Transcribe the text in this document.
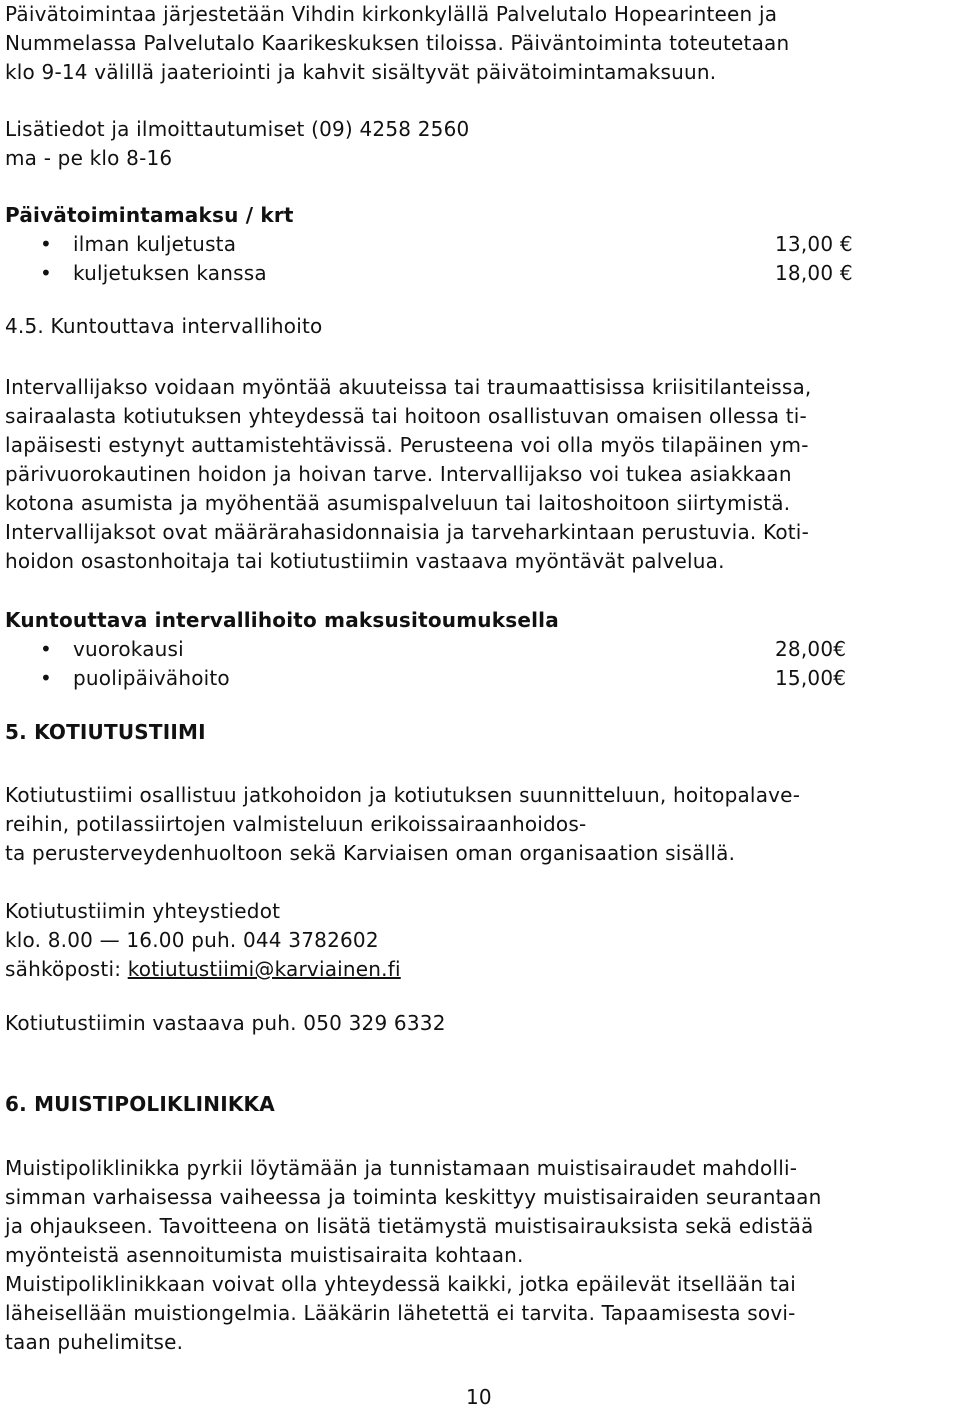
Päivätoimintaa järjestetään Vihdin kirkonkylällä Palvelutalo Hopearinteen ja
Nummelassa Palvelutalo Kaarikeskuksen tiloissa. Päiväntoiminta toteutetaan
klo 9-14 välillä jaateriointi ja kahvit sisältyvät päivätoimintamaksuun.

Lisätiedot ja ilmoittautumiset (09) 4258 2560
ma - pe klo 8-16

Päivätoimintamaksu / krt
•	ilman kuljetusta	13,00 €
•	kuljetuksen kanssa	18,00 €

4.5. Kuntouttava intervallihoito

Intervallijakso voidaan myöntää akuuteissa tai traumaattisissa kriisitilanteissa,
sairaalasta kotiutuksen yhteydessä tai hoitoon osallistuvan omaisen ollessa ti-
lapäisesti estynyt auttamistehtävissä. Perusteena voi olla myös tilapäinen ym-
pärivuorokautinen hoidon ja hoivan tarve. Intervallijakso voi tukea asiakkaan
kotona asumista ja myöhentää asumispalveluun tai laitoshoitoon siirtymistä.
Intervallijaksot ovat määrärahasidonnaisia ja tarveharkintaan perustuvia. Koti-
hoidon osastonhoitaja tai kotiutustiimin vastaava myöntävät palvelua.

Kuntouttava intervallihoito maksusitoumuksella
•	vuorokausi	28,00€
•	puolipäivähoito	15,00€
5. KOTIUTUSTIIMI

Kotiutustiimi osallistuu jatkohoidon ja kotiutuksen suunnitteluun, hoitopalave-
reihin, potilassiirtojen valmisteluun erikoissairaanhoidos-
ta perusterveydenhuoltoon sekä Karviaisen oman organisaation sisällä.

Kotiutustiimin yhteystiedot
klo. 8.00 — 16.00 puh. 044 3782602
sähköposti: kotiutustiimi@karviainen.fi

Kotiutustiimin vastaava puh. 050 329 6332

6. MUISTIPOLIKLINIKKA

Muistipoliklinikka pyrkii löytämään ja tunnistamaan muistisairaudet mahdolli-
simman varhaisessa vaiheessa ja toiminta keskittyy muistisairaiden seurantaan
ja ohjaukseen. Tavoitteena on lisätä tietämystä muistisairauksista sekä edistää
myönteistä asennoitumista muistisairaita kohtaan.
Muistipoliklinikkaan voivat olla yhteydessä kaikki, jotka epäilevät itsellään tai
läheisellään muistiongelmia. Lääkärin lähetettä ei tarvita. Tapaamisesta sovi-
taan puhelimitse.

10
